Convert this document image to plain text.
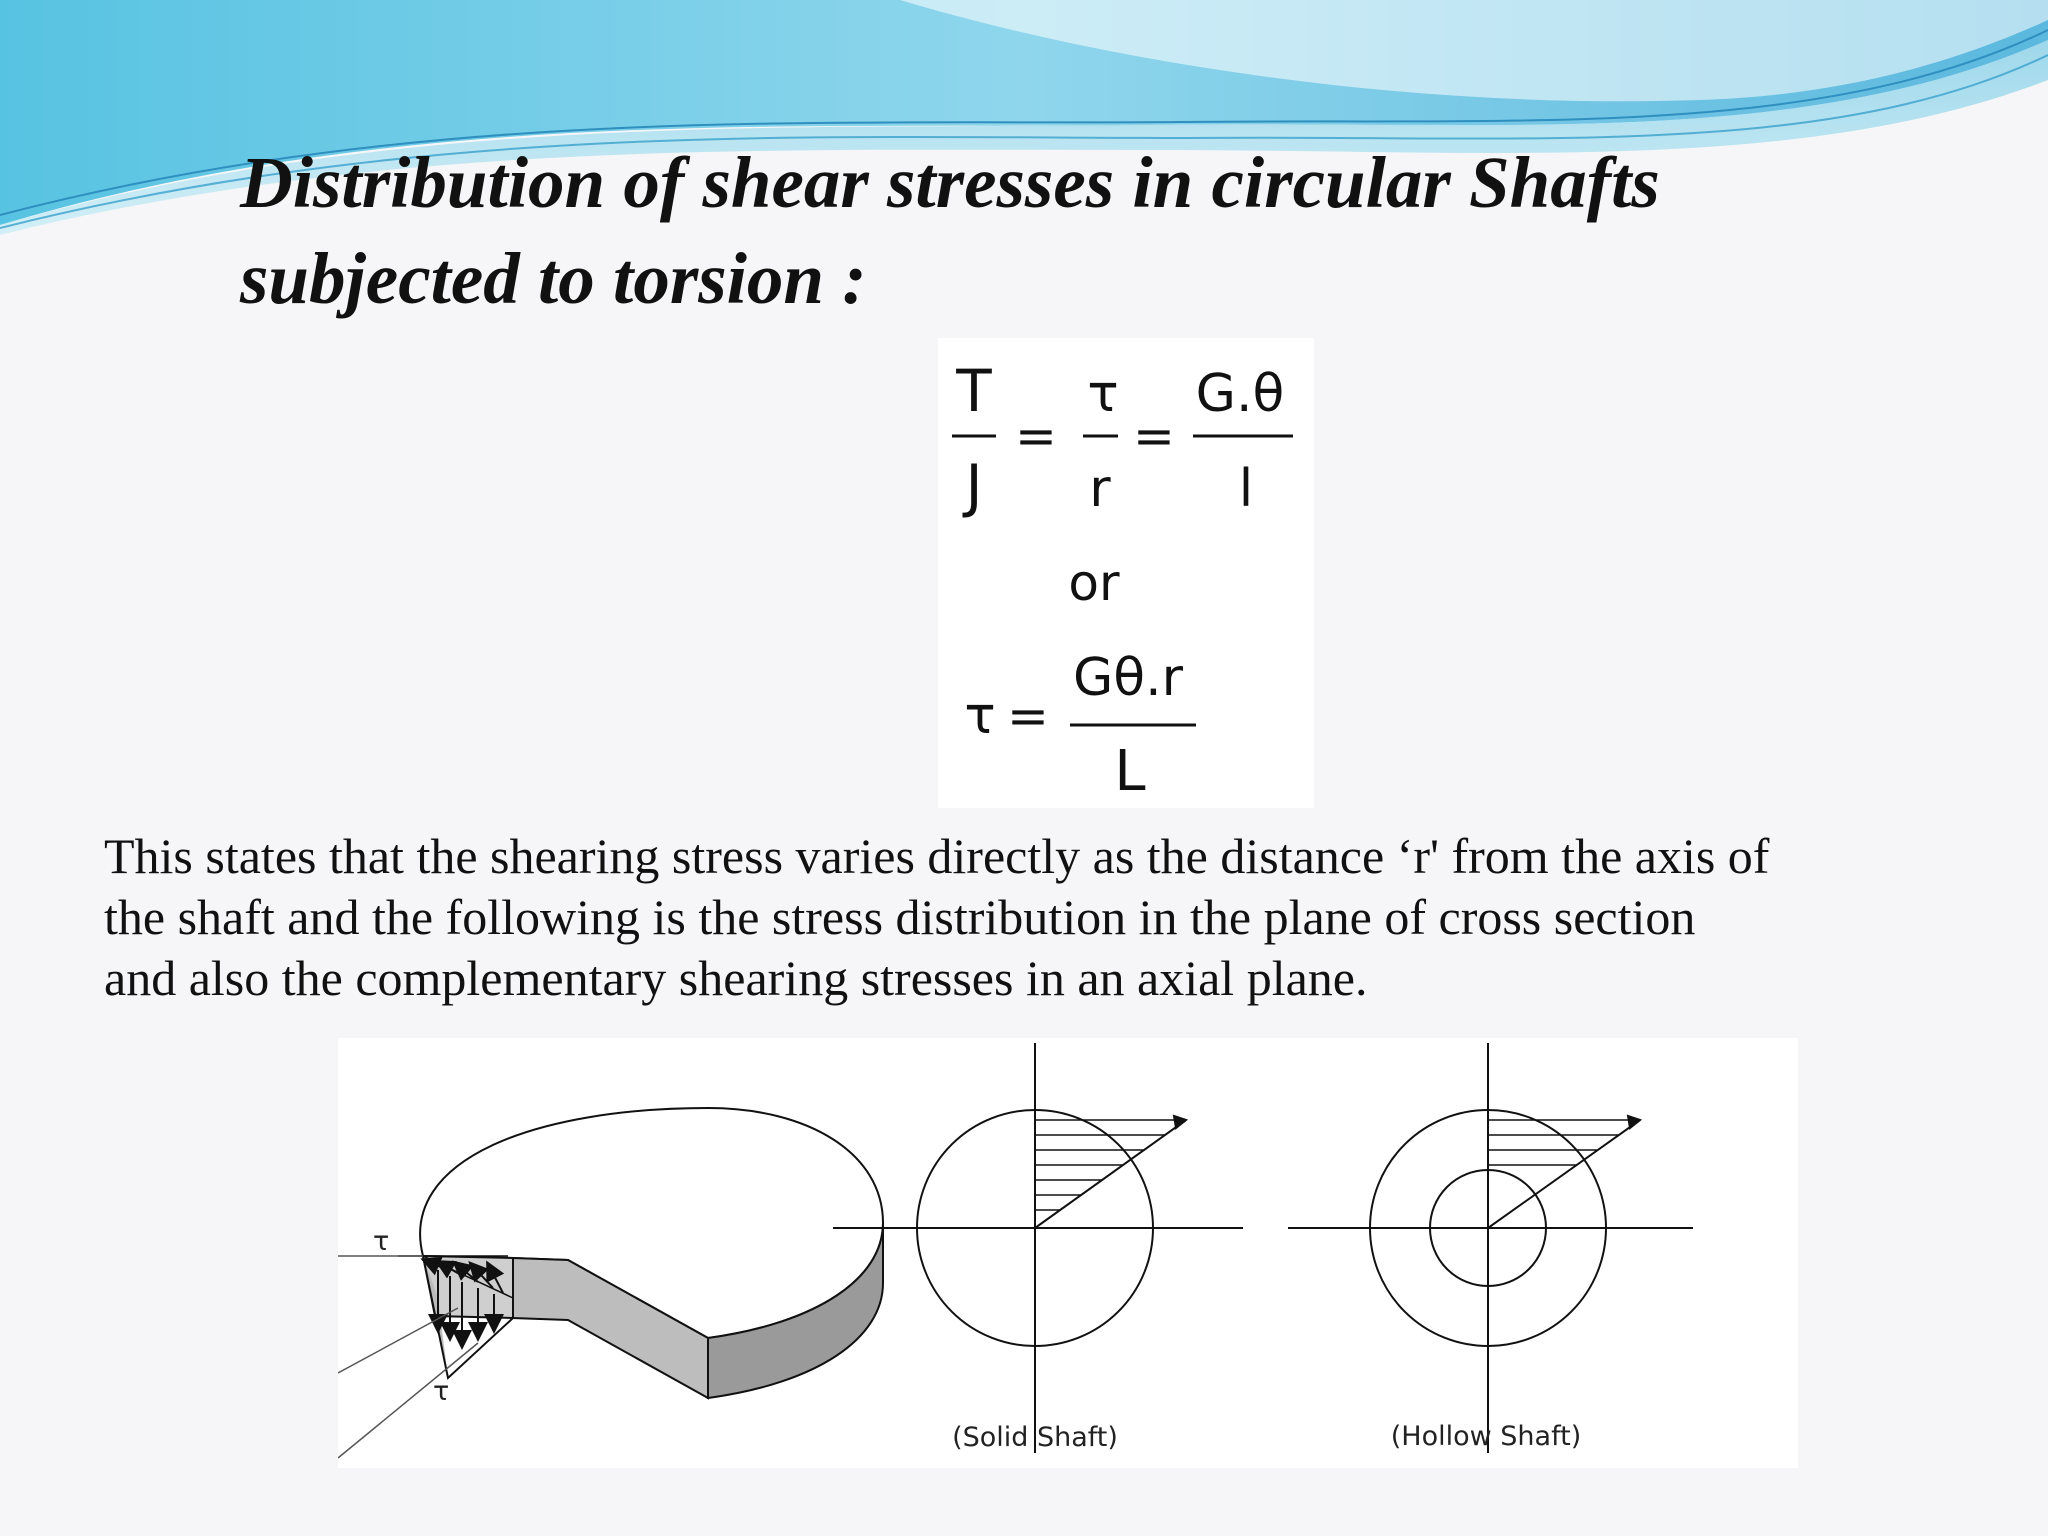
Distribution of shear stresses in circular Shafts
subjected to torsion :
T
J
=
τ
r
=
G.θ
l
or
τ =
Gθ.r
L

This states that the shearing stress varies directly as the distance ‘r' from the axis of
the shaft and the following is the stress distribution in the plane of cross section
and also the complementary shearing stresses in an axial plane.

τ
τ
(Solid Shaft)	(Hollow Shaft)
